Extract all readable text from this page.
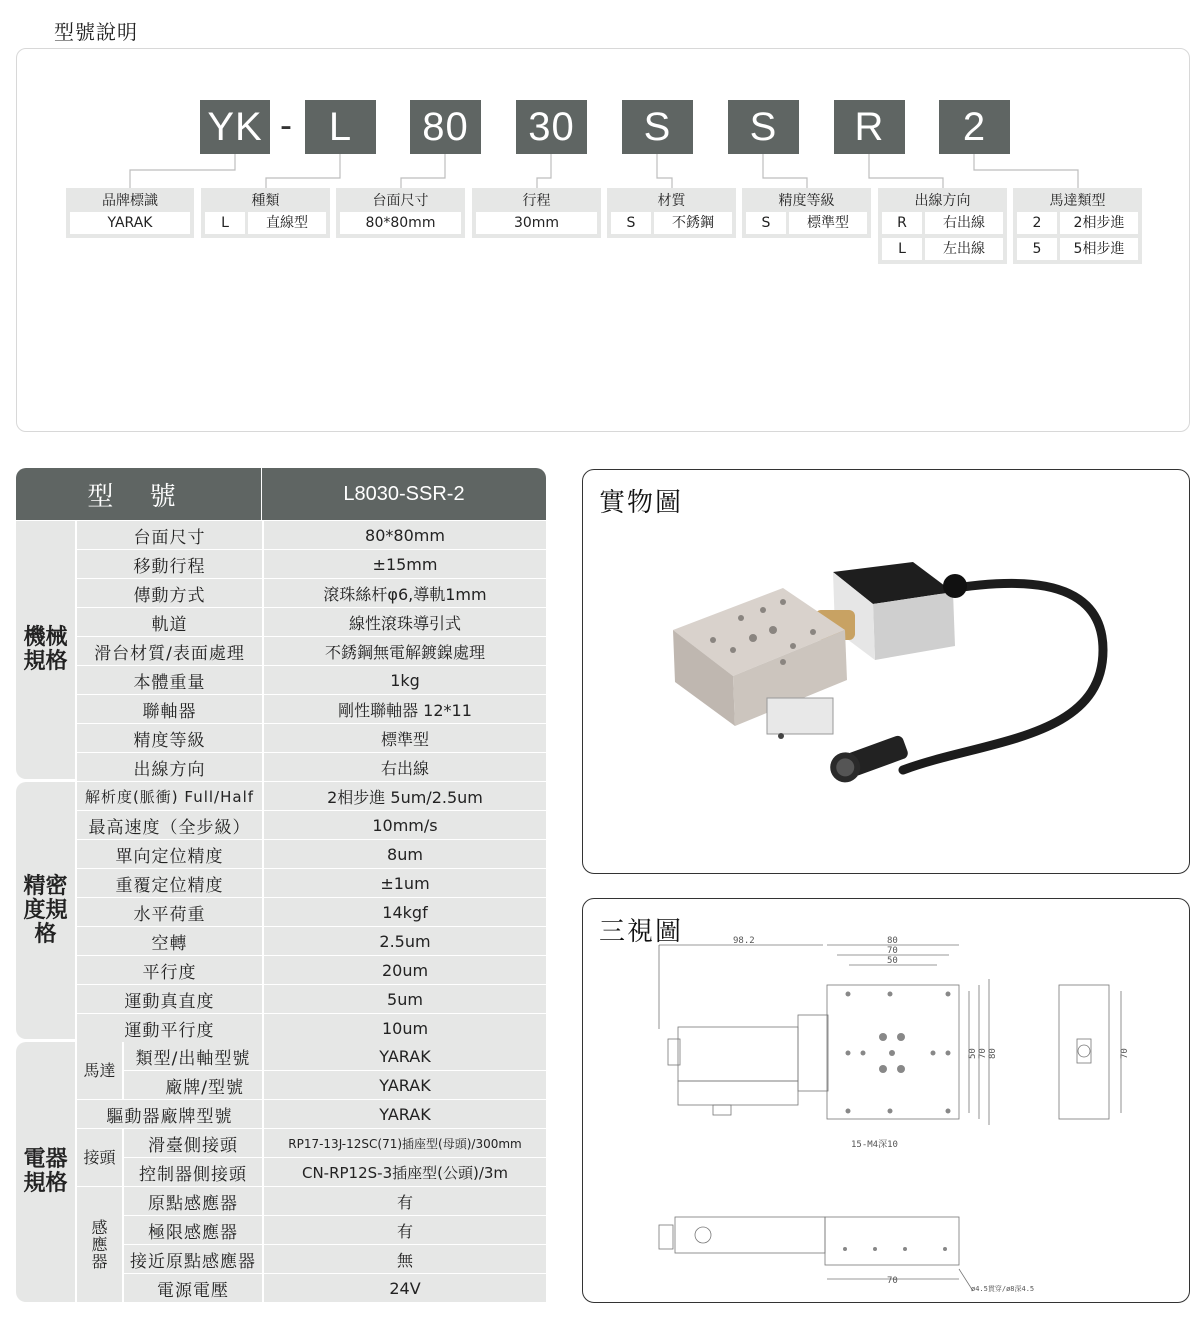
型號說明
YK - L	80	30	S	S	R	2
品牌標識
YARAK
種類
L	直線型
台面尺寸
80*80mm
行程
30mm
材質
S	不銹鋼
精度等級
S	標準型
出線方向
R	右出線
L	左出線
馬達類型
2	2相步進
5	5相步進
型 號	L8030-SSR-2
機械規格
精密度規格
電器規格
台面尺寸	80*80mm
移動行程	±15mm
傳動方式	滾珠絲杆φ6,導軌1mm
軌道	線性滾珠導引式
滑台材質/表面處理	不銹鋼無電解鍍鎳處理
本體重量	1kg
聯軸器	剛性聯軸器 12*11
精度等級	標準型
出線方向	右出線
解析度(脈衝) Full/Half	2相步進 5um/2.5um
最高速度（全步級）	10mm/s
單向定位精度	8um
重覆定位精度	±1um
水平荷重	14kgf
空轉	2.5um
平行度	20um
運動真直度	5um
運動平行度	10um
馬達
類型/出軸型號	YARAK
廠牌/型號	YARAK
驅動器廠牌型號	YARAK
接頭
滑臺側接頭	RP17-13J-12SC(71)插座型(母頭)/300mm
控制器側接頭	CN-RP12S-3插座型(公頭)/3m
感應器
原點感應器	有
極限感應器	有
接近原點感應器	無
電源電壓	24V
實物圖
三視圖	98.2	80
70
50
50 70 80
15-M4深10
70
70
ø4.5貫穿/ø8深4.5
